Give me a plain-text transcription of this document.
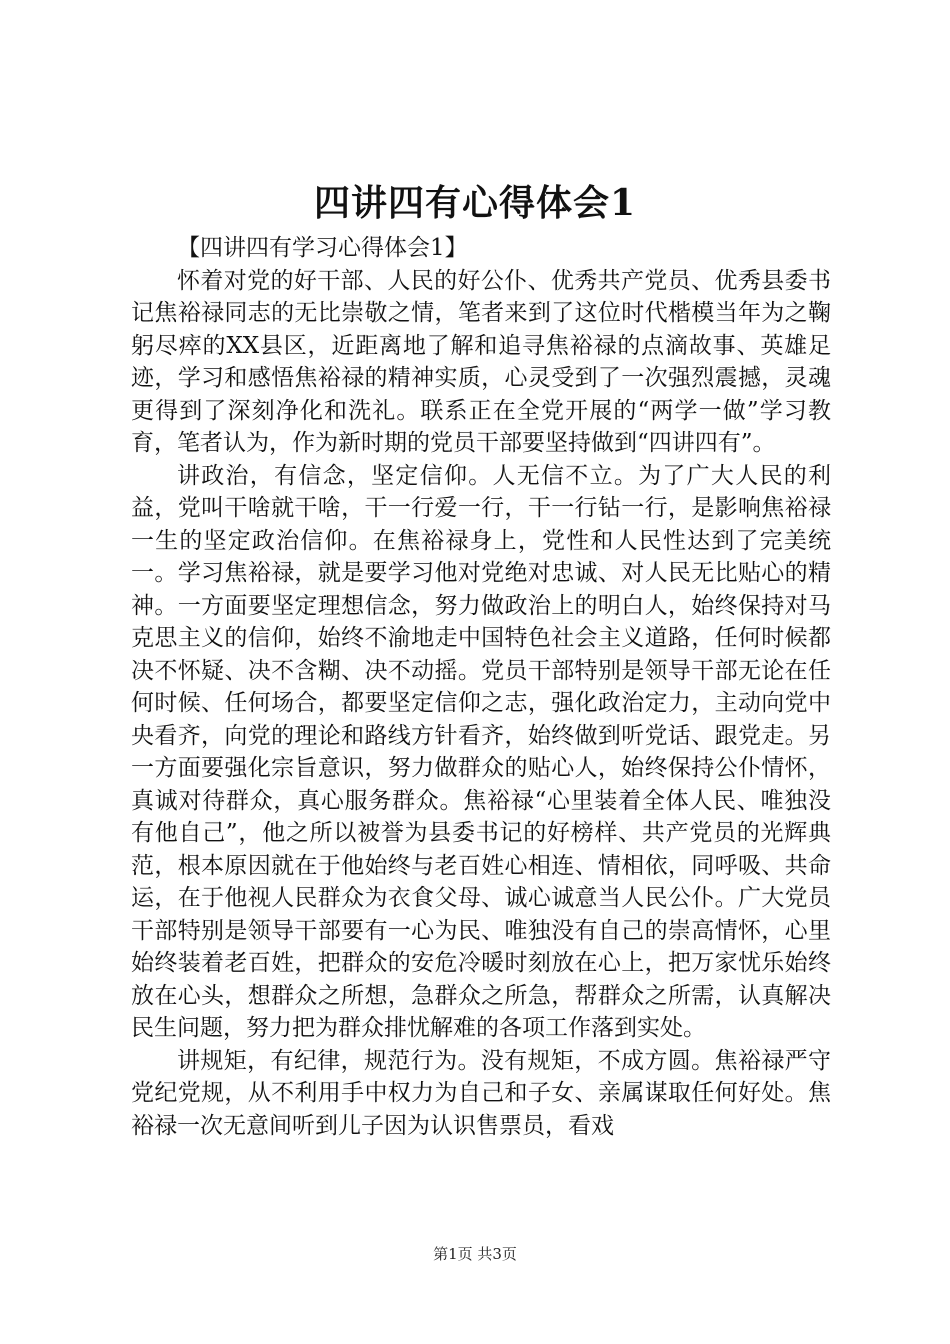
四讲四有心得体会1

【四讲四有学习心得体会1】

怀着对党的好干部、人民的好公仆、优秀共产党员、优秀县委书记焦裕禄同志的无比崇敬之情，笔者来到了这位时代楷模当年为之鞠躬尽瘁的XX县区，近距离地了解和追寻焦裕禄的点滴故事、英雄足迹，学习和感悟焦裕禄的精神实质，心灵受到了一次强烈震撼，灵魂更得到了深刻净化和洗礼。联系正在全党开展的“两学一做”学习教育，笔者认为，作为新时期的党员干部要坚持做到“四讲四有”。

讲政治，有信念，坚定信仰。人无信不立。为了广大人民的利益，党叫干啥就干啥，干一行爱一行，干一行钻一行，是影响焦裕禄一生的坚定政治信仰。在焦裕禄身上，党性和人民性达到了完美统一。学习焦裕禄，就是要学习他对党绝对忠诚、对人民无比贴心的精神。一方面要坚定理想信念，努力做政治上的明白人，始终保持对马克思主义的信仰，始终不渝地走中国特色社会主义道路，任何时候都决不怀疑、决不含糊、决不动摇。党员干部特别是领导干部无论在任何时候、任何场合，都要坚定信仰之志，强化政治定力，主动向党中央看齐，向党的理论和路线方针看齐，始终做到听党话、跟党走。另一方面要强化宗旨意识，努力做群众的贴心人，始终保持公仆情怀，真诚对待群众，真心服务群众。焦裕禄“心里装着全体人民、唯独没有他自己”，他之所以被誉为县委书记的好榜样、共产党员的光辉典范，根本原因就在于他始终与老百姓心相连、情相依，同呼吸、共命运，在于他视人民群众为衣食父母、诚心诚意当人民公仆。广大党员干部特别是领导干部要有一心为民、唯独没有自己的崇高情怀，心里始终装着老百姓，把群众的安危冷暖时刻放在心上，把万家忧乐始终放在心头，想群众之所想，急群众之所急，帮群众之所需，认真解决民生问题，努力把为群众排忧解难的各项工作落到实处。

讲规矩，有纪律，规范行为。没有规矩，不成方圆。焦裕禄严守党纪党规，从不利用手中权力为自己和子女、亲属谋取任何好处。焦裕禄一次无意间听到儿子因为认识售票员，看戏

第1页 共3页
